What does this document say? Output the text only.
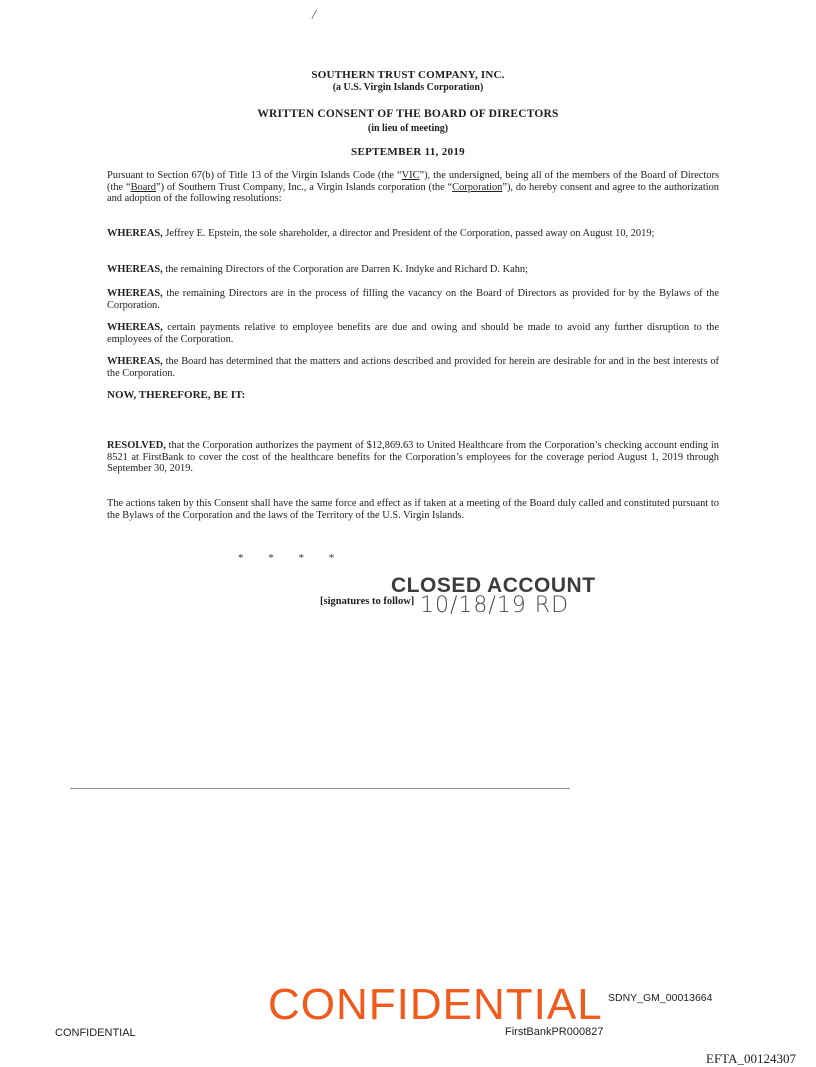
/
SOUTHERN TRUST COMPANY, INC.
(a U.S. Virgin Islands Corporation)
WRITTEN CONSENT OF THE BOARD OF DIRECTORS
(in lieu of meeting)
SEPTEMBER 11, 2019
Pursuant to Section 67(b) of Title 13 of the Virgin Islands Code (the “VIC”), the undersigned, being all of the members of the Board of Directors (the “Board”) of Southern Trust Company, Inc., a Virgin Islands corporation (the “Corporation”), do hereby consent and agree to the authorization and adoption of the following resolutions:
WHEREAS, Jeffrey E. Epstein, the sole shareholder, a director and President of the Corporation, passed away on August 10, 2019;
WHEREAS, the remaining Directors of the Corporation are Darren K. Indyke and Richard D. Kahn;
WHEREAS, the remaining Directors are in the process of filling the vacancy on the Board of Directors as provided for by the Bylaws of the Corporation.
WHEREAS, certain payments relative to employee benefits are due and owing and should be made to avoid any further disruption to the employees of the Corporation.
WHEREAS, the Board has determined that the matters and actions described and provided for herein are desirable for and in the best interests of the Corporation.
NOW, THEREFORE, BE IT:
RESOLVED, that the Corporation authorizes the payment of $12,869.63 to United Healthcare from the Corporation’s checking account ending in 8521 at FirstBank to cover the cost of the healthcare benefits for the Corporation’s employees for the coverage period August 1, 2019 through September 30, 2019.
The actions taken by this Consent shall have the same force and effect as if taken at a meeting of the Board duly called and constituted pursuant to the Bylaws of the Corporation and the laws of the Territory of the U.S. Virgin Islands.
* * * *
[signatures to follow]
CLOSED ACCOUNT
10/18/19 RD
CONFIDENTIAL SDNY_GM_00013664
FirstBankPR000827
CONFIDENTIAL
EFTA_00124307
